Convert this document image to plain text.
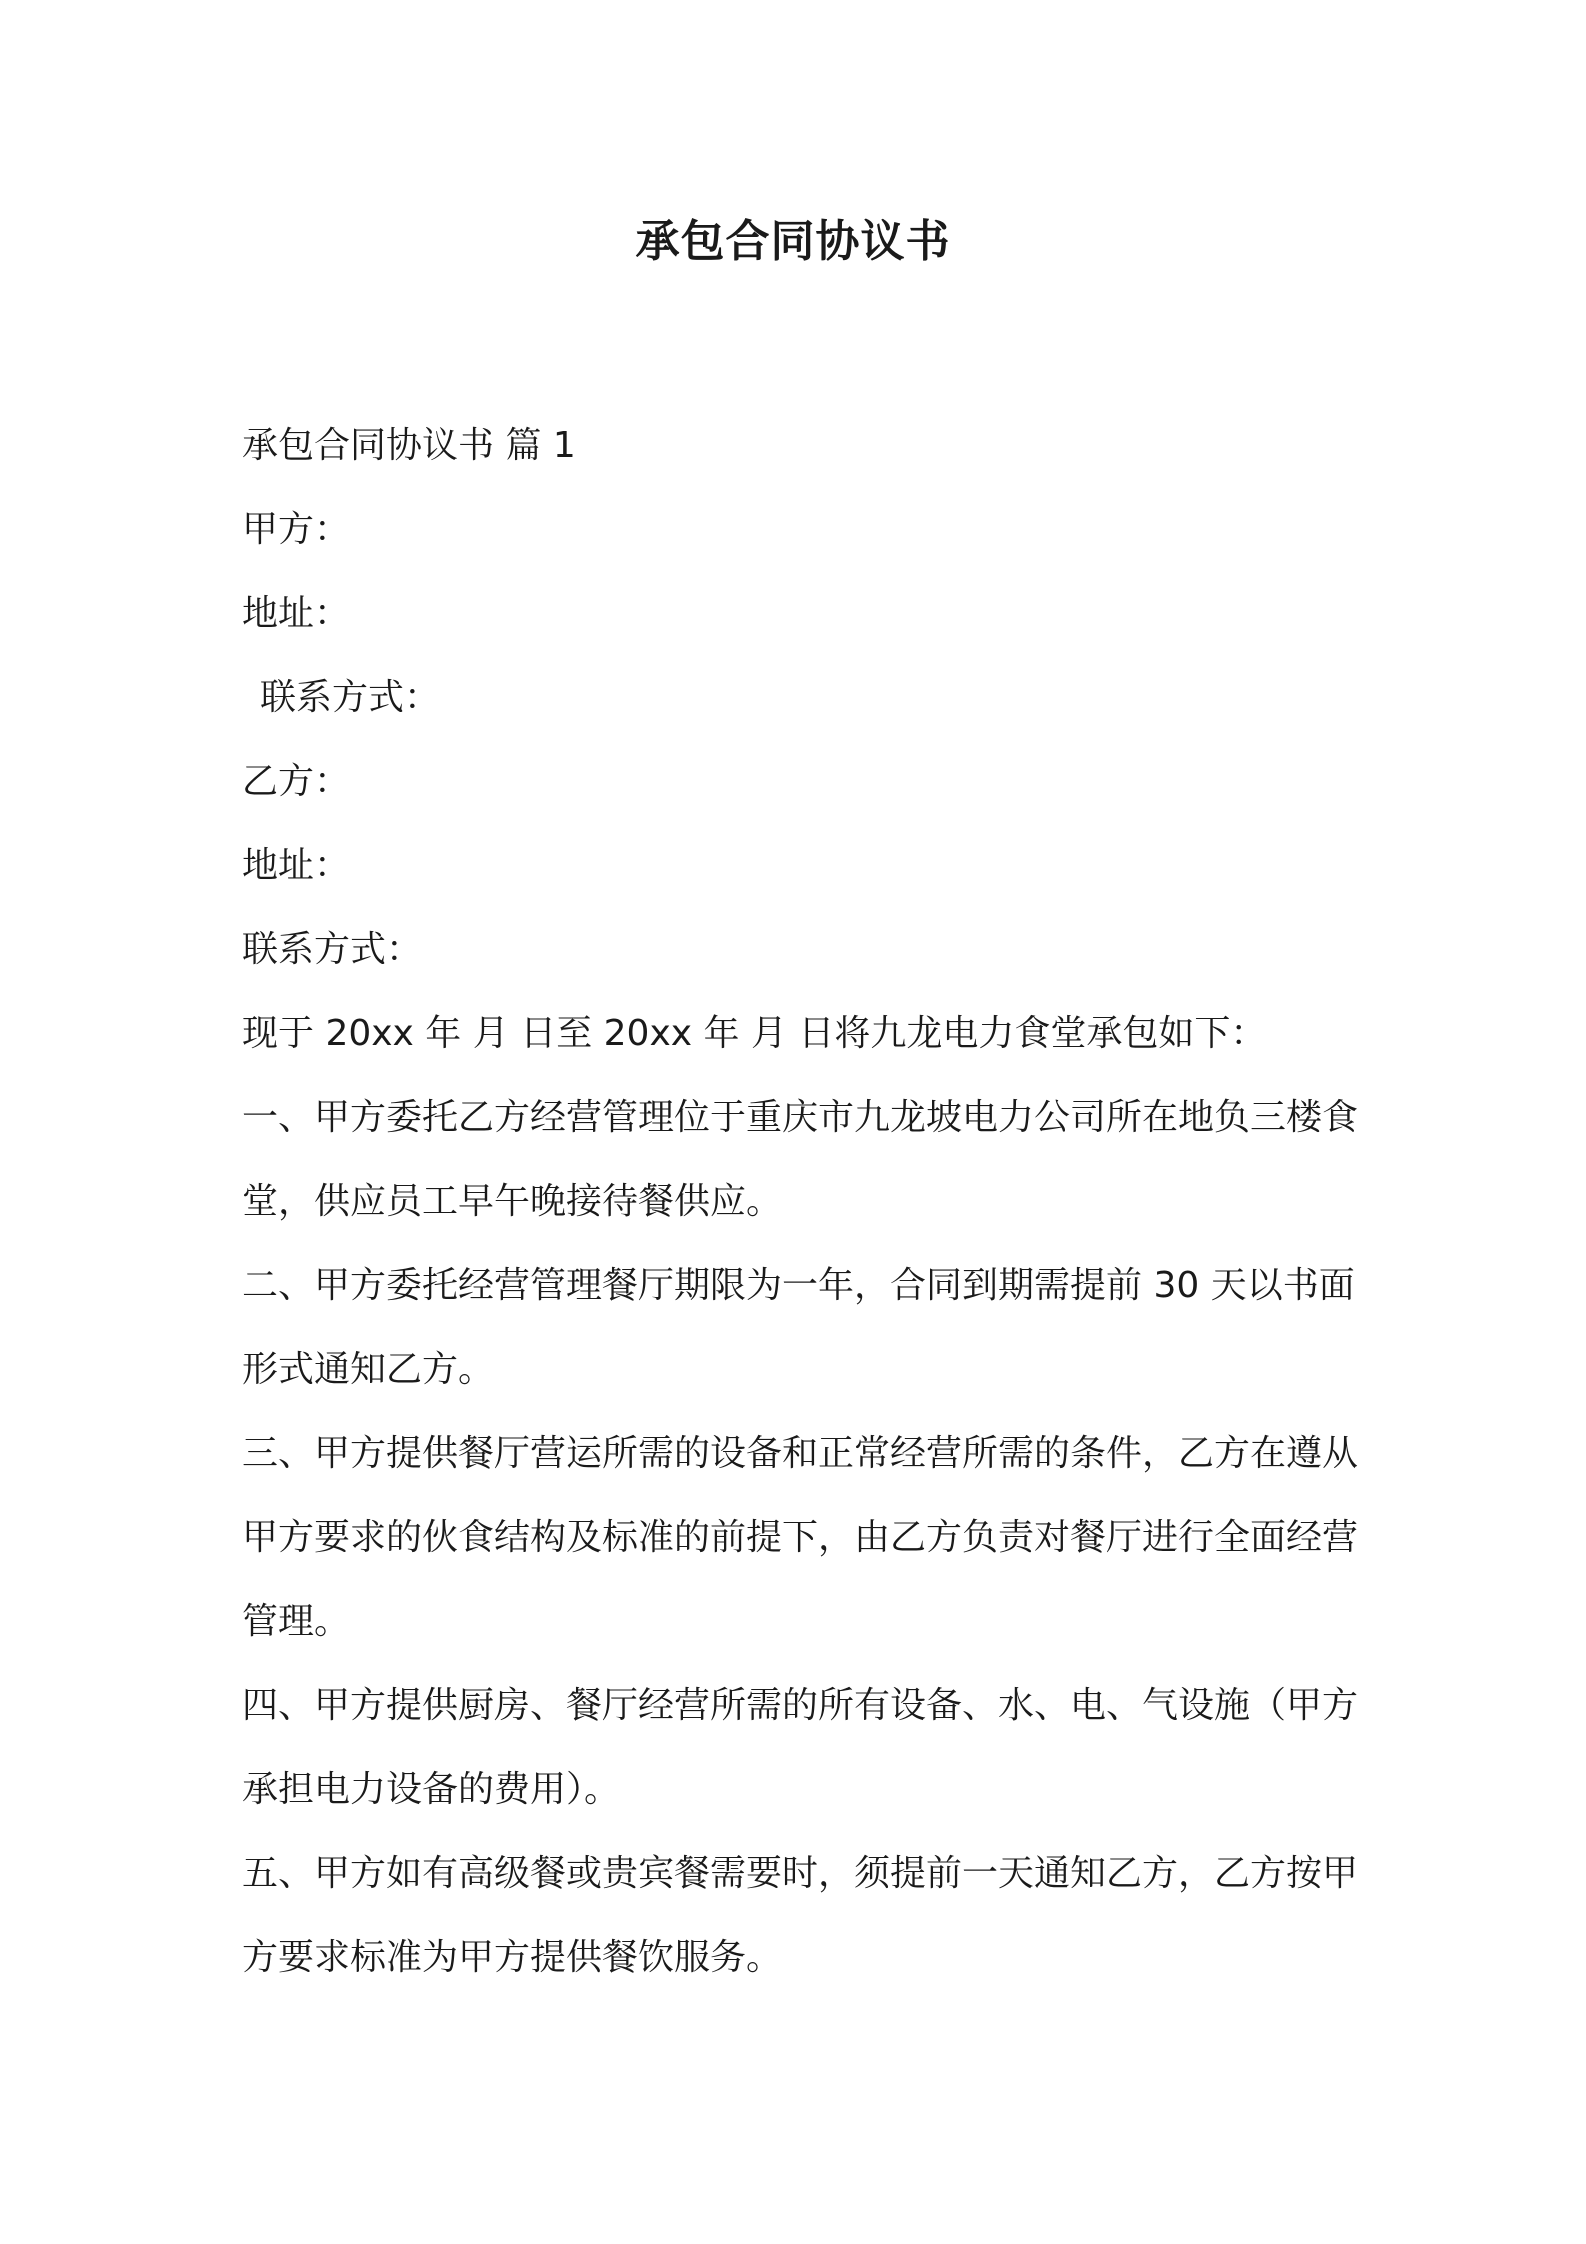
承包合同协议书

承包合同协议书 篇 1

甲方：

地址：

联系方式：

乙方：

地址：

联系方式：

现于 20xx 年 月 日至 20xx 年 月 日将九龙电力食堂承包如下：

一、甲方委托乙方经营管理位于重庆市九龙坡电力公司所在地负三楼食堂，供应员工早午晚接待餐供应。

二、甲方委托经营管理餐厅期限为一年，合同到期需提前 30 天以书面形式通知乙方。

三、甲方提供餐厅营运所需的设备和正常经营所需的条件，乙方在遵从甲方要求的伙食结构及标准的前提下，由乙方负责对餐厅进行全面经营管理。

四、甲方提供厨房、餐厅经营所需的所有设备、水、电、气设施（甲方承担电力设备的费用）。

五、甲方如有高级餐或贵宾餐需要时，须提前一天通知乙方，乙方按甲方要求标准为甲方提供餐饮服务。
